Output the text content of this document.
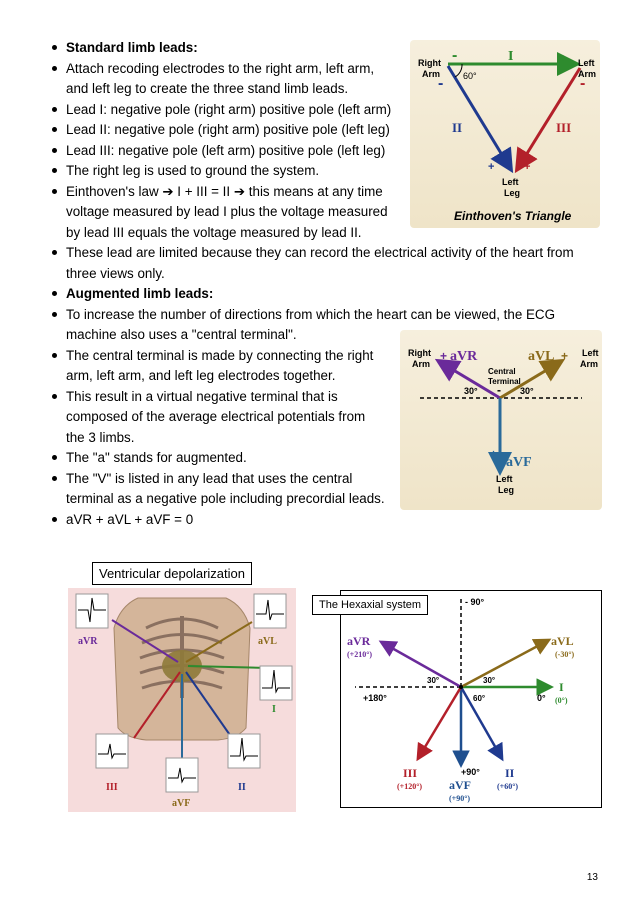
Standard limb leads:
Attach recoding electrodes to the right arm, left arm,
and left leg to create the three stand limb leads.
Lead I: negative pole (right arm) positive pole (left arm)
Lead II: negative pole (right arm) positive pole (left leg)
Lead III: negative pole (left arm) positive pole (left leg)
The right leg is used to ground the system.
Einthoven's law ➔ I + III = II ➔ this means at any time
voltage measured by lead I plus the voltage measured
by lead III equals the voltage measured by lead II.
These lead are limited because they can record the electrical activity of the heart from
three views only.
Augmented limb leads:
To increase the number of directions from which the heart can be viewed, the ECG
machine also uses a "central terminal".
The central terminal is made by connecting the right
arm, left arm, and left leg electrodes together.
This result in a virtual negative terminal that is
composed of the average electrical potentials from
the 3 limbs.
The "a" stands for augmented.
The "V" is listed in any lead that uses the central
terminal as a negative pole including precordial leads.
aVR + aVL + aVF = 0
Right
Arm
Left
Arm
Left
Leg
I
II	III
60°
-	+
-	-
+	+
Einthoven's Triangle
Right
Arm
Left
Arm
+ aVR	aVL +
Central
Terminal
30° - 30°
+
aVF
Left
Leg
aVR	aVL
I
III	II
aVF
Ventricular depolarization
- 90°
aVR
(+210°)
aVL
(-30°)
0°
I
(0°)
+180°
30°	30°
60°
+90°
III
(+120°) aVF
(+90°)
II
(+60°)
The Hexaxial system
13
